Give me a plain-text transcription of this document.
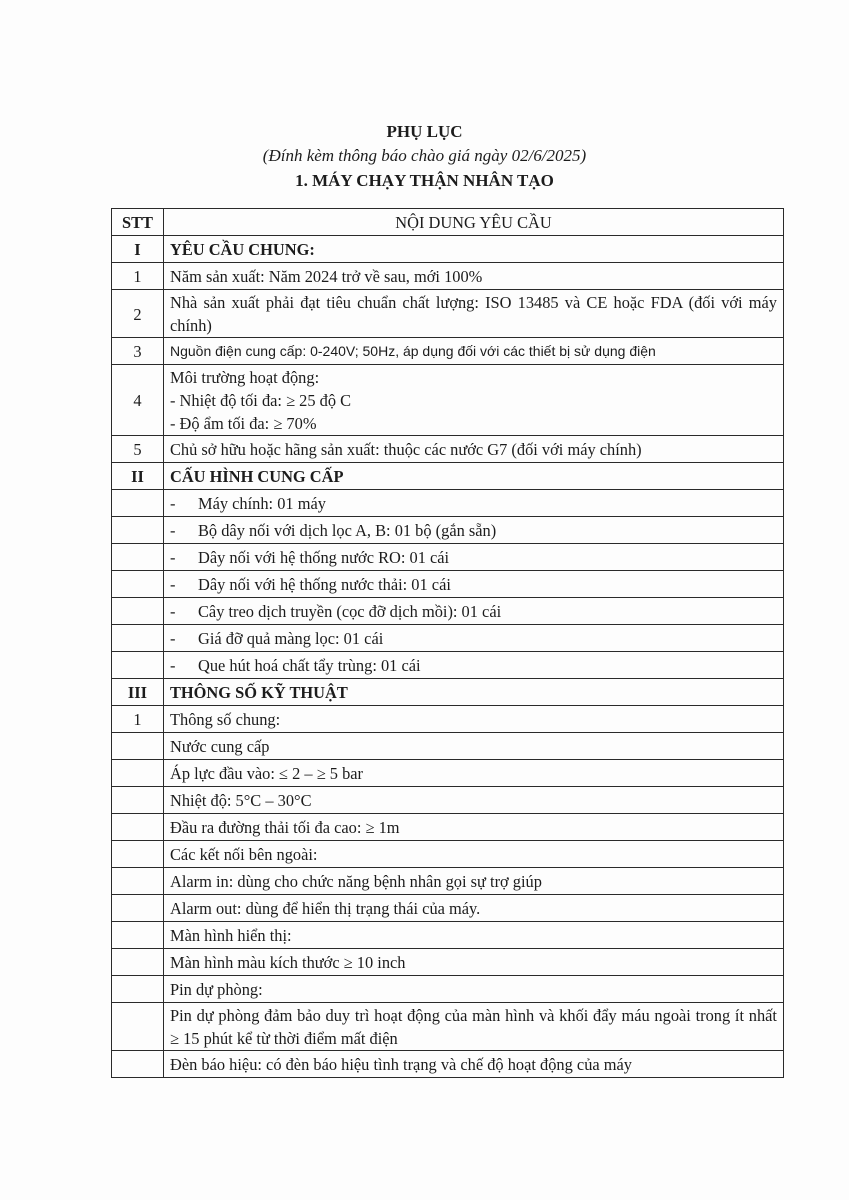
PHỤ LỤC
(Đính kèm thông báo chào giá ngày 02/6/2025)
1. MÁY CHẠY THẬN NHÂN TẠO
STT	NỘI DUNG YÊU CẦU
I	YÊU CẦU CHUNG:
1	Năm sản xuất: Năm 2024 trở về sau, mới 100%
2	Nhà sản xuất phải đạt tiêu chuẩn chất lượng: ISO 13485 và CE hoặc FDA (đối với máy chính)
3	Nguồn điện cung cấp: 0-240V; 50Hz, áp dụng đối với các thiết bị sử dụng điện
4	Môi trường hoạt động:
- Nhiệt độ tối đa: ≥ 25 độ C
- Độ ẩm tối đa: ≥ 70%

5	Chủ sở hữu hoặc hãng sản xuất: thuộc các nước G7 (đối với máy chính)
II	CẤU HÌNH CUNG CẤP
	- Máy chính: 01 máy
	- Bộ dây nối với dịch lọc A, B: 01 bộ (gắn sẵn)
	- Dây nối với hệ thống nước RO: 01 cái
	- Dây nối với hệ thống nước thải: 01 cái
	- Cây treo dịch truyền (cọc đỡ dịch mồi): 01 cái
	- Giá đỡ quả màng lọc: 01 cái
	- Que hút hoá chất tẩy trùng: 01 cái
III	THÔNG SỐ KỸ THUẬT
1	Thông số chung:
	Nước cung cấp
	Áp lực đầu vào: ≤ 2 – ≥ 5 bar
	Nhiệt độ: 5°C – 30°C
	Đầu ra đường thải tối đa cao: ≥ 1m
	Các kết nối bên ngoài:
	Alarm in: dùng cho chức năng bệnh nhân gọi sự trợ giúp
	Alarm out: dùng để hiển thị trạng thái của máy.
	Màn hình hiển thị:
	Màn hình màu kích thước ≥ 10 inch
	Pin dự phòng:
	Pin dự phòng đảm bảo duy trì hoạt động của màn hình và khối đẩy máu ngoài trong ít nhất ≥ 15 phút kể từ thời điểm mất điện
	Đèn báo hiệu: có đèn báo hiệu tình trạng và chế độ hoạt động của máy
